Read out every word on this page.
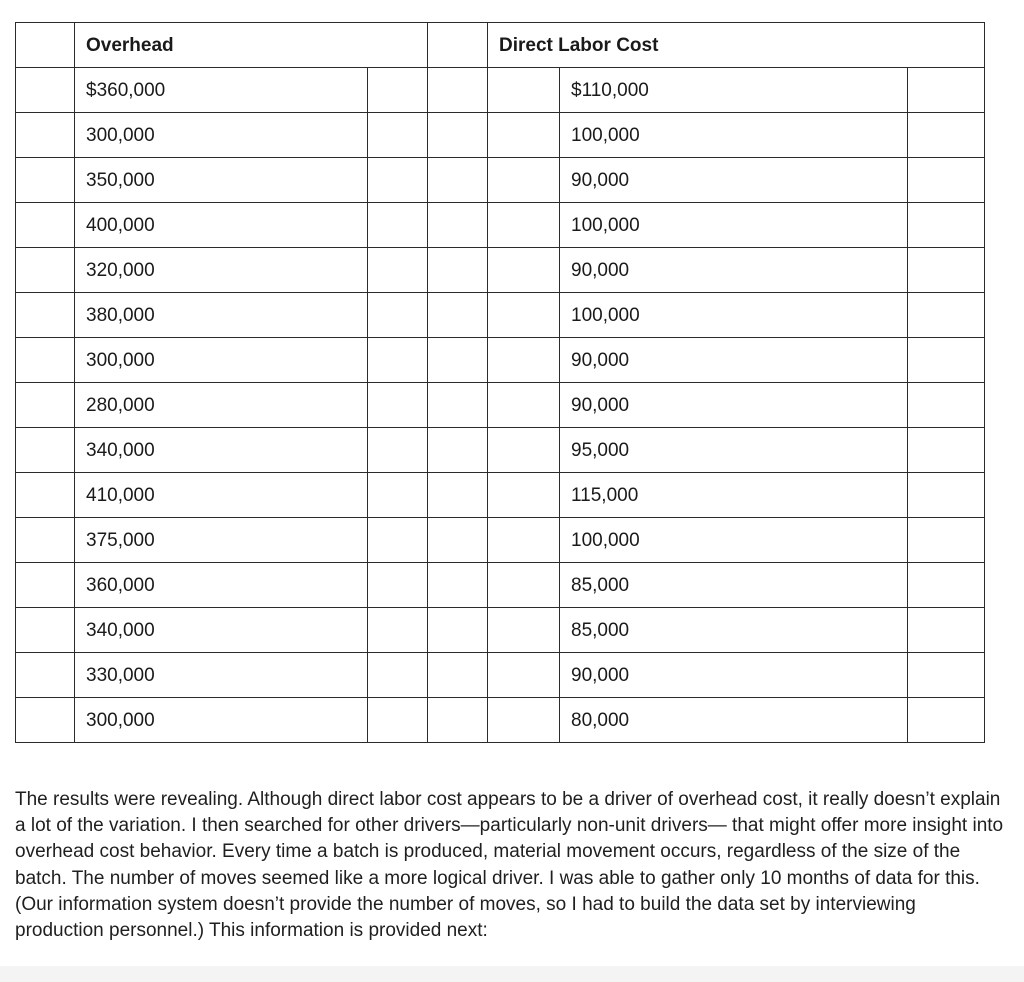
	Overhead			Direct Labor Cost		
	$360,000				$110,000	
	300,000				100,000	
	350,000				90,000	
	400,000				100,000	
	320,000				90,000	
	380,000				100,000	
	300,000				90,000	
	280,000				90,000	
	340,000				95,000	
	410,000				115,000	
	375,000				100,000	
	360,000				85,000	
	340,000				85,000	
	330,000				90,000	
	300,000				80,000	

The results were revealing. Although direct labor cost appears to be a driver of overhead cost, it really doesn’t explain a lot of the variation. I then searched for other drivers—particularly non-unit drivers— that might offer more insight into overhead cost behavior. Every time a batch is produced, material movement occurs, regardless of the size of the batch. The number of moves seemed like a more logical driver. I was able to gather only 10 months of data for this. (Our information system doesn’t provide the number of moves, so I had to build the data set by interviewing production personnel.) This information is provided next:
